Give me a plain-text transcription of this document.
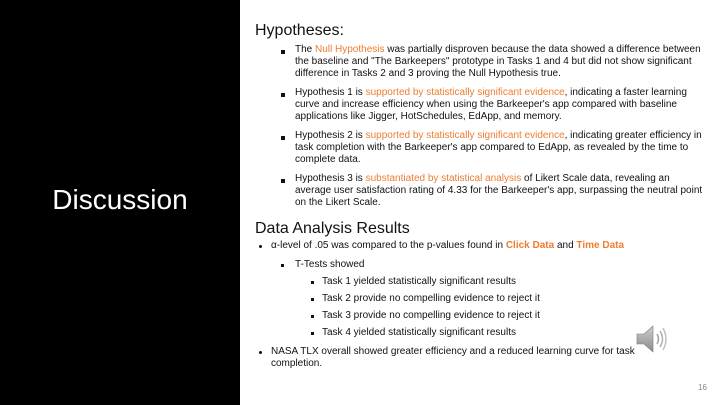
Discussion
Hypotheses:
The Null Hypothesis was partially disproven because the data showed a difference between the baseline and "The Barkeepers" prototype in Tasks 1 and 4 but did not show significant difference in Tasks 2 and 3 proving the Null Hypothesis true.
Hypothesis 1 is supported by statistically significant evidence, indicating a faster learning curve and increase efficiency when using the Barkeeper's app compared with baseline applications like Jigger, HotSchedules, EdApp, and memory.
Hypothesis 2 is supported by statistically significant evidence, indicating greater efficiency in task completion with the Barkeeper's app compared to EdApp, as revealed by the time to complete data.
Hypothesis 3 is substantiated by statistical analysis of Likert Scale data, revealing an average user satisfaction rating of 4.33 for the Barkeeper's app, surpassing the neutral point on the Likert Scale.
Data Analysis Results
α-level of .05 was compared to the p-values found in Click Data and Time Data
T-Tests showed
Task 1 yielded statistically significant results
Task 2 provide no compelling evidence to reject it
Task 3 provide no compelling evidence to reject it
Task 4 yielded statistically significant results
NASA TLX overall showed greater efficiency and a reduced learning curve for task completion.
16
